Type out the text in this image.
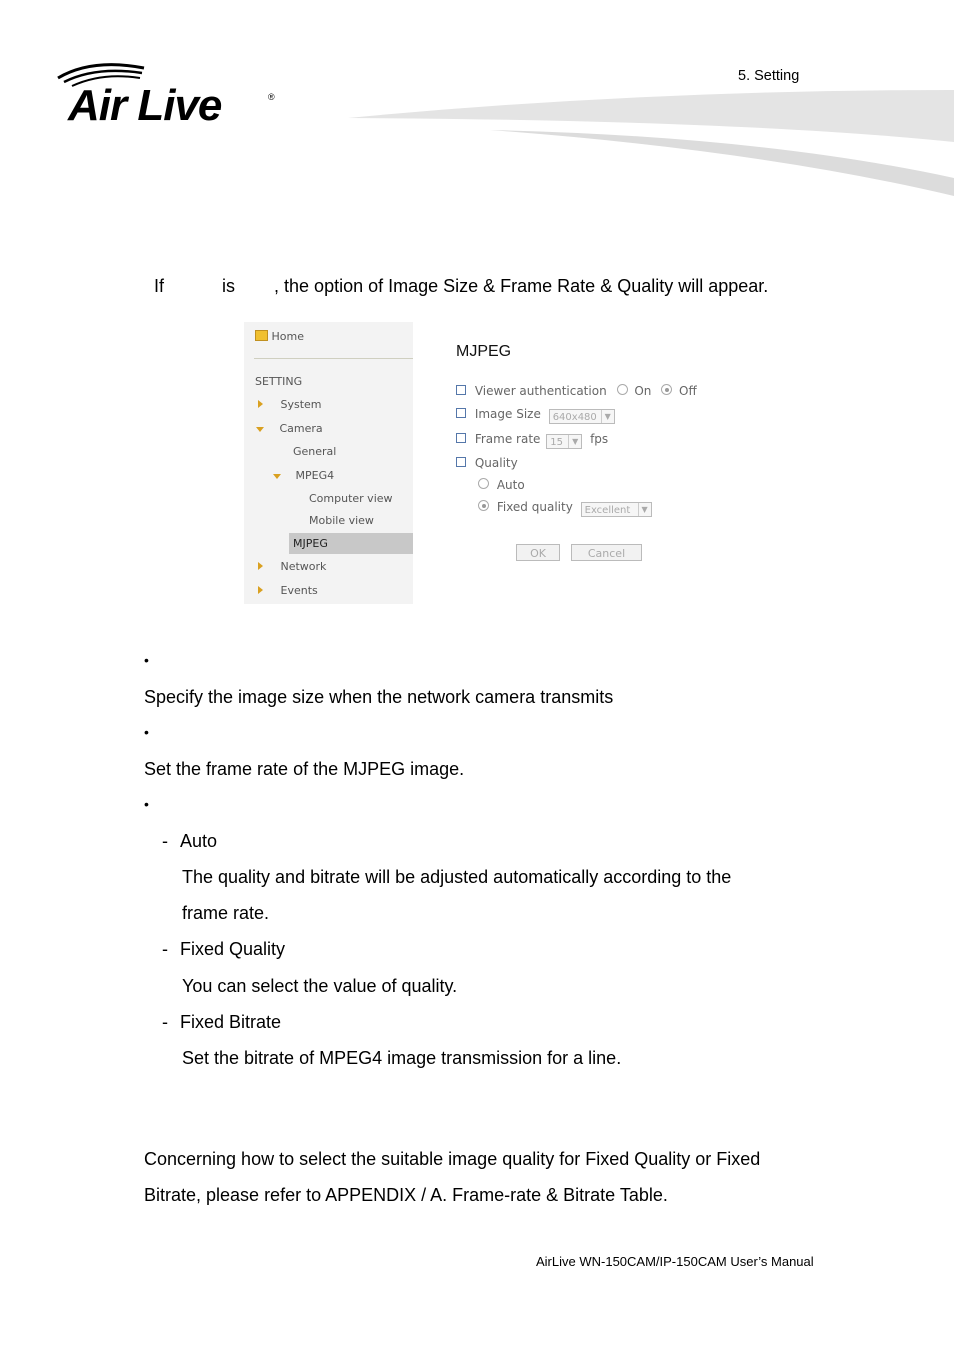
Air Live	®
5. Setting

If	is , the option of Image Size & Frame Rate & Quality will appear.

Home
SETTING
System
Camera
General
MPEG4
Computer view
Mobile view
MJPEG
Network
Events
MJPEG
Viewer authentication On Off
Image Size 640x480 ▼
Frame rate 15	▼ fps
Quality
Auto
Fixed quality Excellent	▼
OK	Cancel
•
Specify the image size when the network camera transmits
•
Set the frame rate of the MJPEG image.
•
- Auto
The quality and bitrate will be adjusted automatically according to the
frame rate.
- Fixed Quality
You can select the value of quality.
- Fixed Bitrate
Set the bitrate of MPEG4 image transmission for a line.
Concerning how to select the suitable image quality for Fixed Quality or Fixed
Bitrate, please refer to APPENDIX / A. Frame-rate & Bitrate Table.
AirLive WN-150CAM/IP-150CAM User’s Manual
